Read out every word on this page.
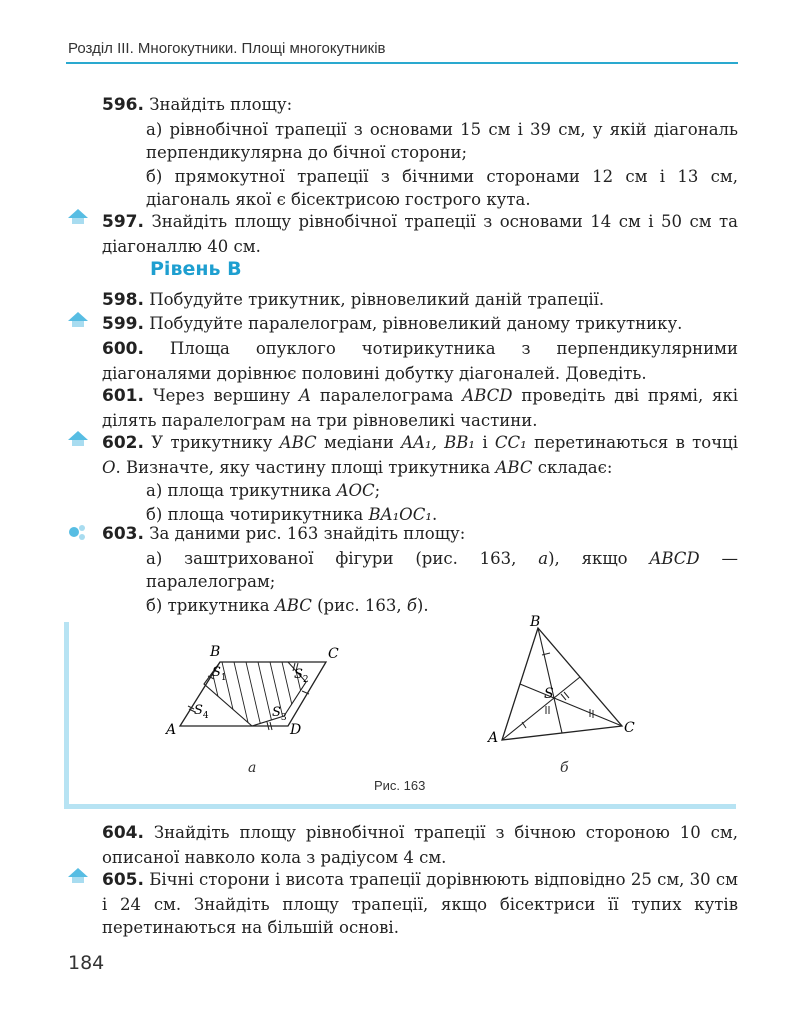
Розділ III. Многокутники. Площі многокутників
596. Знайдіть площу:
а) рівнобічної трапеції з основами 15 см і 39 см, у якій діагональ перпендикулярна до бічної сторони;
б) прямокутної трапеції з бічними сторонами 12 см і 13 см, діагональ якої є бісектрисою гострого кута.
597. Знайдіть площу рівнобічної трапеції з основами 14 см і 50 см та діагоналлю 40 см.
Рівень В
598. Побудуйте трикутник, рівновеликий даній трапеції.
599. Побудуйте паралелограм, рівновеликий даному трикутнику.
600. Площа опуклого чотирикутника з перпендикулярними діагоналями дорівнює половині добутку діагоналей. Доведіть.
601. Через вершину A паралелограма ABCD проведіть дві прямі, які ділять паралелограм на три рівновеликі частини.
602. У трикутнику ABC медіани AA₁, BB₁ і CC₁ перетинаються в точці O. Визначте, яку частину площі трикутника ABC складає:
а) площа трикутника AOC;
б) площа чотирикутника BA₁OC₁.
603. За даними рис. 163 знайдіть площу:
а) заштрихованої фігури (рис. 163, а), якщо ABCD — паралелограм;
б) трикутника ABC (рис. 163, б).
A
B	C
D
$S_1$	$S_2$
$S_3$
$S_4$
B
A
C
S
а	б
Рис. 163
604. Знайдіть площу рівнобічної трапеції з бічною стороною 10 см, описаної навколо кола з радіусом 4 см.
605. Бічні сторони і висота трапеції дорівнюють відповідно 25 см, 30 см і 24 см. Знайдіть площу трапеції, якщо бісектриси її тупих кутів перетинаються на більшій основі.
184
